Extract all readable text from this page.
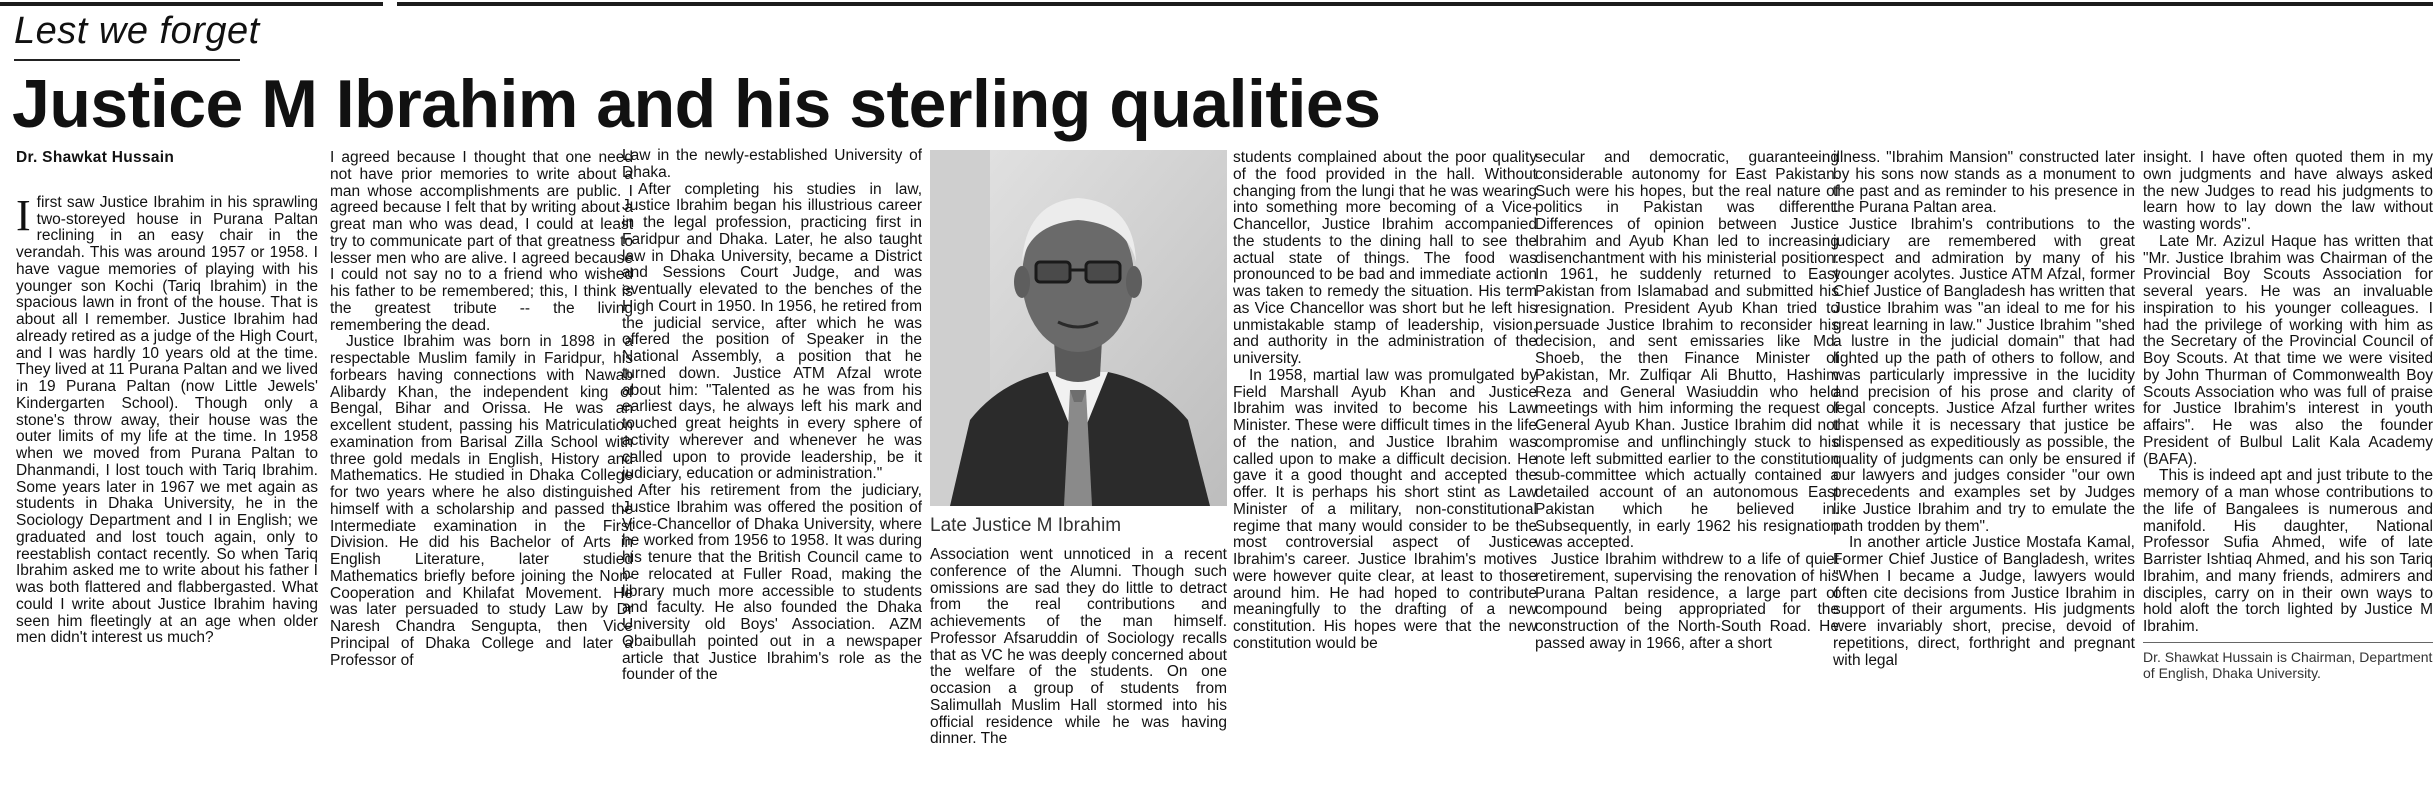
Lest we forget
Justice M Ibrahim and his sterling qualities
Dr. Shawkat Hussain

Ifirst saw Justice Ibrahim in his sprawling two-storeyed house in Purana Paltan reclining in an easy chair in the verandah. This was around 1957 or 1958. I have vague memories of playing with his younger son Kochi (Tariq Ibrahim) in the spacious lawn in front of the house. That is about all I remember. Justice Ibrahim had already retired as a judge of the High Court, and I was hardly 10 years old at the time. They lived at 11 Purana Paltan and we lived in 19 Purana Paltan (now Little Jewels' Kindergarten School). Though only a stone's throw away, their house was the outer limits of my life at the time. In 1958 when we moved from Purana Paltan to Dhanmandi, I lost touch with Tariq Ibrahim. Some years later in 1967 we met again as students in Dhaka University, he in the Sociology Department and I in English; we graduated and lost touch again, only to reestablish contact recently. So when Tariq Ibrahim asked me to write about his father I was both flattered and flabbergasted. What could I write about Justice Ibrahim having seen him fleetingly at an age when older men didn't interest us much?

I agreed because I thought that one need not have prior memories to write about a man whose accomplishments are public. I agreed because I felt that by writing about a great man who was dead, I could at least try to communicate part of that greatness to lesser men who are alive. I agreed because I could not say no to a friend who wished his father to be remembered; this, I think is the greatest tribute -- the living remembering the dead.

Justice Ibrahim was born in 1898 in a respectable Muslim family in Faridpur, his forbears having connections with Nawab Alibardy Khan, the independent king of Bengal, Bihar and Orissa. He was an excellent student, passing his Matriculation examination from Barisal Zilla School with three gold medals in English, History and Mathematics. He studied in Dhaka College for two years where he also distinguished himself with a scholarship and passed the Intermediate examination in the First Division. He did his Bachelor of Arts in English Literature, later studied Mathematics briefly before joining the Non-Cooperation and Khilafat Movement. He was later persuaded to study Law by Dr Naresh Chandra Sengupta, then Vice Principal of Dhaka College and later a Professor of

Law in the newly-established University of Dhaka.

After completing his studies in law, Justice Ibrahim began his illustrious career in the legal profession, practicing first in Faridpur and Dhaka. Later, he also taught law in Dhaka University, became a District and Sessions Court Judge, and was eventually elevated to the benches of the High Court in 1950. In 1956, he retired from the judicial service, after which he was offered the position of Speaker in the National Assembly, a position that he turned down. Justice ATM Afzal wrote about him: "Talented as he was from his earliest days, he always left his mark and touched great heights in every sphere of activity wherever and whenever he was called upon to provide leadership, be it judiciary, education or administration."

After his retirement from the judiciary, Justice Ibrahim was offered the position of Vice-Chancellor of Dhaka University, where he worked from 1956 to 1958. It was during his tenure that the British Council came to be relocated at Fuller Road, making the library much more accessible to students and faculty. He also founded the Dhaka University old Boys' Association. AZM Obaibullah pointed out in a newspaper article that Justice Ibrahim's role as the founder of the

Late Justice M Ibrahim

Association went unnoticed in a recent conference of the Alumni. Though such omissions are sad they do little to detract from the real contributions and achievements of the man himself. Professor Afsaruddin of Sociology recalls that as VC he was deeply concerned about the welfare of the students. On one occasion a group of students from Salimullah Muslim Hall stormed into his official residence while he was having dinner. The

students complained about the poor quality of the food provided in the hall. Without changing from the lungi that he was wearing into something more becoming of a Vice-Chancellor, Justice Ibrahim accompanied the students to the dining hall to see the actual state of things. The food was pronounced to be bad and immediate action was taken to remedy the situation. His term as Vice Chancellor was short but he left his unmistakable stamp of leadership, vision, and authority in the administration of the university.

In 1958, martial law was promulgated by Field Marshall Ayub Khan and Justice Ibrahim was invited to become his Law Minister. These were difficult times in the life of the nation, and Justice Ibrahim was called upon to make a difficult decision. He gave it a good thought and accepted the offer. It is perhaps his short stint as Law Minister of a military, non-constitutional regime that many would consider to be the most controversial aspect of Justice Ibrahim's career. Justice Ibrahim's motives were however quite clear, at least to those around him. He had hoped to contribute meaningfully to the drafting of a new constitution. His hopes were that the new constitution would be

secular and democratic, guaranteeing considerable autonomy for East Pakistan. Such were his hopes, but the real nature of politics in Pakistan was different. Differences of opinion between Justice Ibrahim and Ayub Khan led to increasing disenchantment with his ministerial position. In 1961, he suddenly returned to East Pakistan from Islamabad and submitted his resignation. President Ayub Khan tried to persuade Justice Ibrahim to reconsider his decision, and sent emissaries like Md. Shoeb, the then Finance Minister of Pakistan, Mr. Zulfiqar Ali Bhutto, Hashim Reza and General Wasiuddin who held meetings with him informing the request of General Ayub Khan. Justice Ibrahim did not compromise and unflinchingly stuck to his note left submitted earlier to the constitution sub-committee which actually contained a detailed account of an autonomous East Pakistan which he believed in. Subsequently, in early 1962 his resignation was accepted.

Justice Ibrahim withdrew to a life of quiet retirement, supervising the renovation of his Purana Paltan residence, a large part of compound being appropriated for the construction of the North-South Road. He passed away in 1966, after a short

illness. "Ibrahim Mansion" constructed later by his sons now stands as a monument to the past and as reminder to his presence in the Purana Paltan area.

Justice Ibrahim's contributions to the judiciary are remembered with great respect and admiration by many of his younger acolytes. Justice ATM Afzal, former Chief Justice of Bangladesh has written that Justice Ibrahim was "an ideal to me for his great learning in law." Justice Ibrahim "shed a lustre in the judicial domain" that had lighted up the path of others to follow, and was particularly impressive in the lucidity and precision of his prose and clarity of legal concepts. Justice Afzal further writes that while it is necessary that justice be dispensed as expeditiously as possible, the quality of judgments can only be ensured if our lawyers and judges consider "our own precedents and examples set by Judges like Justice Ibrahim and try to emulate the path trodden by them".

In another article Justice Mostafa Kamal, Former Chief Justice of Bangladesh, writes "When I became a Judge, lawyers would often cite decisions from Justice Ibrahim in support of their arguments. His judgments were invariably short, precise, devoid of repetitions, direct, forthright and pregnant with legal

insight. I have often quoted them in my own judgments and have always asked the new Judges to read his judgments to learn how to lay down the law without wasting words".

Late Mr. Azizul Haque has written that "Mr. Justice Ibrahim was Chairman of the Provincial Boy Scouts Association for several years. He was an invaluable inspiration to his younger colleagues. I had the privilege of working with him as the Secretary of the Provincial Council of Boy Scouts. At that time we were visited by John Thurman of Commonwealth Boy Scouts Association who was full of praise for Justice Ibrahim's interest in youth affairs". He was also the founder President of Bulbul Lalit Kala Academy (BAFA).

This is indeed apt and just tribute to the memory of a man whose contributions to the life of Bangalees is numerous and manifold. His daughter, National Professor Sufia Ahmed, wife of late Barrister Ishtiaq Ahmed, and his son Tariq Ibrahim, and many friends, admirers and disciples, carry on in their own ways to hold aloft the torch lighted by Justice M Ibrahim.

Dr. Shawkat Hussain is Chairman, Department of English, Dhaka University.
